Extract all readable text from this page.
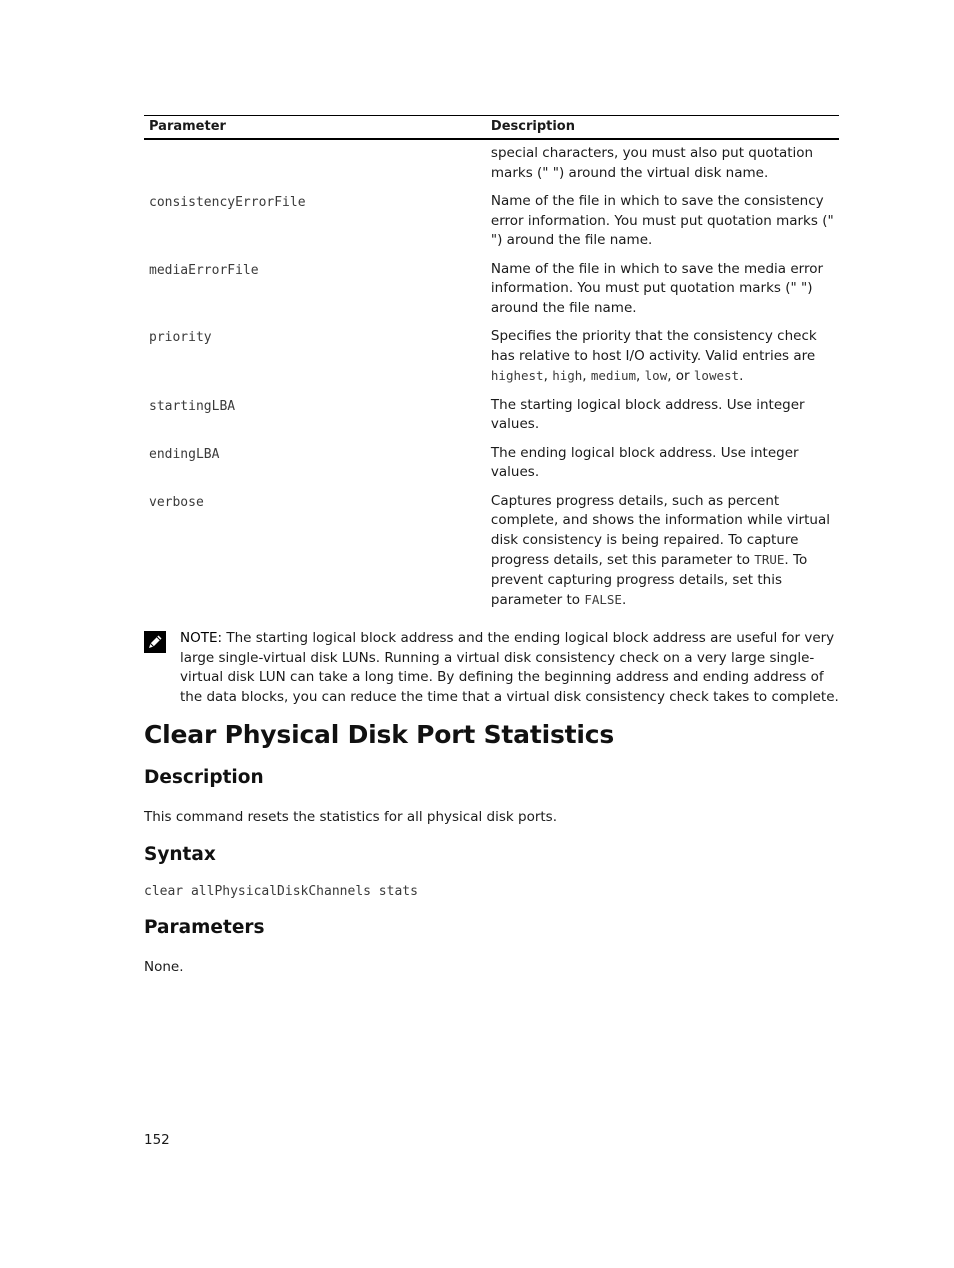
Parameter	Description
	special characters, you must also put quotation marks (" ") around the virtual disk name.
consistencyErrorFile	Name of the file in which to save the consistency error information. You must put quotation marks (" ") around the file name.
mediaErrorFile	Name of the file in which to save the media error information. You must put quotation marks (" ") around the file name.
priority	Specifies the priority that the consistency check has relative to host I/O activity. Valid entries are highest, high, medium, low, or lowest.
startingLBA	The starting logical block address. Use integer values.
endingLBA	The ending logical block address. Use integer values.
verbose	Captures progress details, such as percent complete, and shows the information while virtual disk consistency is being repaired. To capture progress details, set this parameter to TRUE. To prevent capturing progress details, set this parameter to FALSE.
NOTE: The starting logical block address and the ending logical block address are useful for very large single-virtual disk LUNs. Running a virtual disk consistency check on a very large single-virtual disk LUN can take a long time. By defining the beginning address and ending address of the data blocks, you can reduce the time that a virtual disk consistency check takes to complete.
Clear Physical Disk Port Statistics
Description

This command resets the statistics for all physical disk ports.

Syntax

clear allPhysicalDiskChannels stats

Parameters

None.

152
